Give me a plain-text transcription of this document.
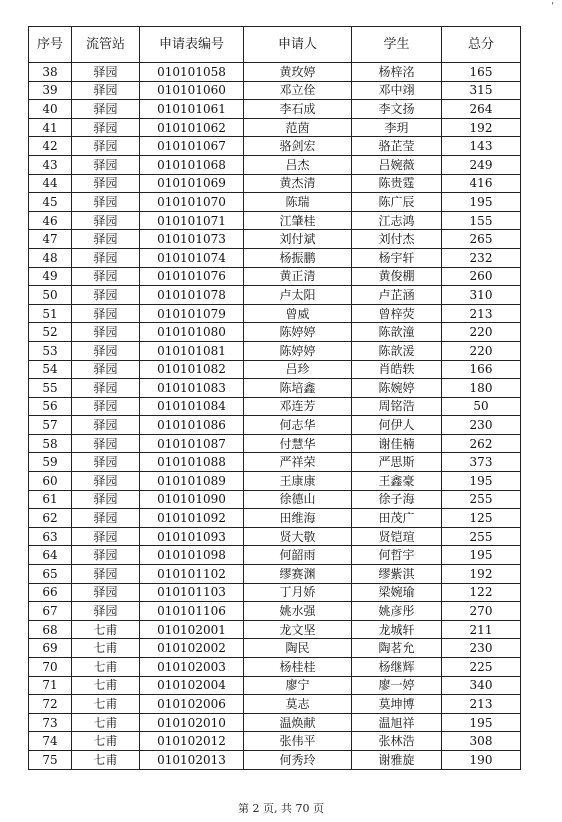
'
序号	流管站	申请表编号	申请人	学生	总分
38	驿园	010101058	黄玫婷	杨梓洺	165
39	驿园	010101060	邓立佺	邓中翊	315
40	驿园	010101061	李石成	李文扬	264
41	驿园	010101062	范茵	李玥	192
42	驿园	010101067	骆剑宏	骆芷莹	143
43	驿园	010101068	吕杰	吕婉薇	249
44	驿园	010101069	黄杰清	陈贵霆	416
45	驿园	010101070	陈瑞	陈广辰	195
46	驿园	010101071	江肇桂	江志鸿	155
47	驿园	010101073	刘付斌	刘付杰	265
48	驿园	010101074	杨振鹏	杨宇轩	232
49	驿园	010101076	黄正清	黄俊棚	260
50	驿园	010101078	卢太阳	卢芷涵	310
51	驿园	010101079	曾威	曾梓荧	213
52	驿园	010101080	陈婷婷	陈歆潼	220
53	驿园	010101081	陈婷婷	陈歆湲	220
54	驿园	010101082	吕珍	肖皓轶	166
55	驿园	010101083	陈培鑫	陈婉婷	180
56	驿园	010101084	邓连芳	周铭浩	50
57	驿园	010101086	何志华	何伊人	230
58	驿园	010101087	付慧华	谢佳楠	262
59	驿园	010101088	严祥荣	严思斯	373
60	驿园	010101089	王康康	王鑫豪	195
61	驿园	010101090	徐德山	徐子海	255
62	驿园	010101092	田维海	田茂广	125
63	驿园	010101093	贤大敬	贤铠瑄	255
64	驿园	010101098	何韶雨	何哲宇	195
65	驿园	010101102	缪赛渊	缪紫淇	192
66	驿园	010101103	丁月娇	梁婉瑜	122
67	驿园	010101106	姚水强	姚彦彤	270
68	七甫	010102001	龙文坚	龙城轩	211
69	七甫	010102002	陶民	陶茗允	230
70	七甫	010102003	杨桂桂	杨继辉	225
71	七甫	010102004	廖宁	廖一婷	340
72	七甫	010102006	莫志	莫坤博	213
73	七甫	010102010	温焕献	温旭祥	195
74	七甫	010102012	张伟平	张林浩	308
75	七甫	010102013	何秀玲	谢雅旋	190
第 2 页, 共 70 页
